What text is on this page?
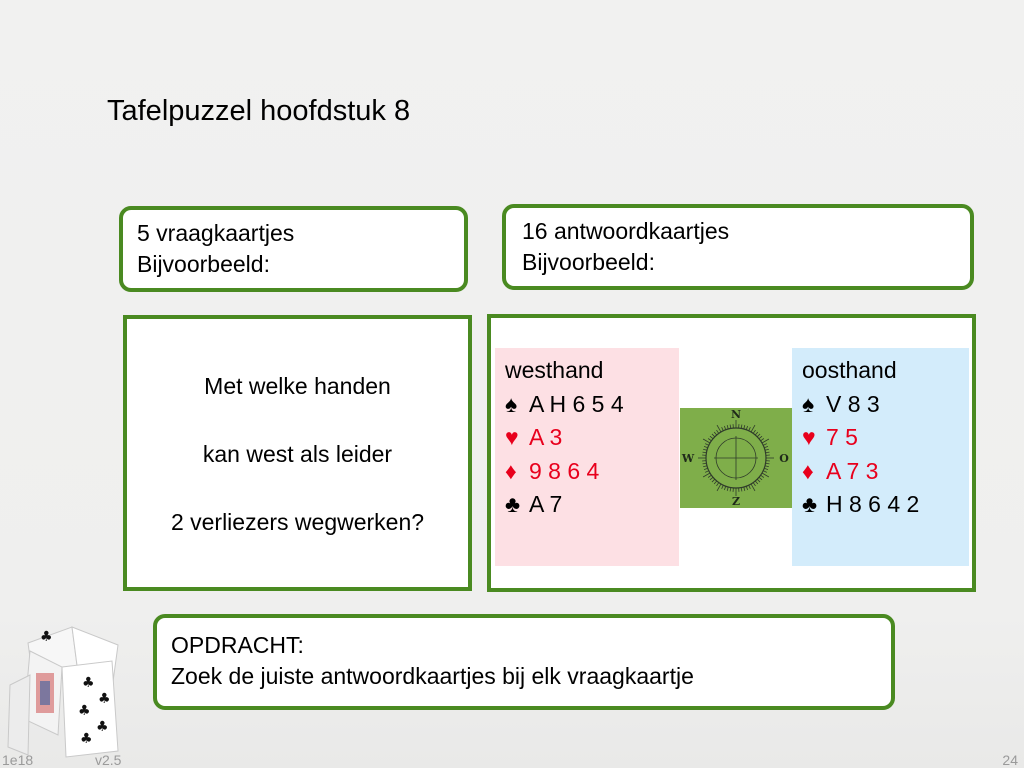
Tafelpuzzel hoofdstuk 8
5 vraagkaartjes
Bijvoorbeeld:
16 antwoordkaartjes
Bijvoorbeeld:
Met welke handen
kan west als leider
2 verliezers wegwerken?
westhand
♠ A H 6 5 4
♥ A 3
♦ 9 8 6 4
♣ A 7
N
Z
W	O
oosthand
♠ V 8 3
♥ 7 5
♦ A 7 3
♣ H 8 6 4 2
OPDRACHT:
Zoek de juiste antwoordkaartjes bij elk vraagkaartje
♣
♣
♣
♣
♣
♣
1e18	v2.5	24
